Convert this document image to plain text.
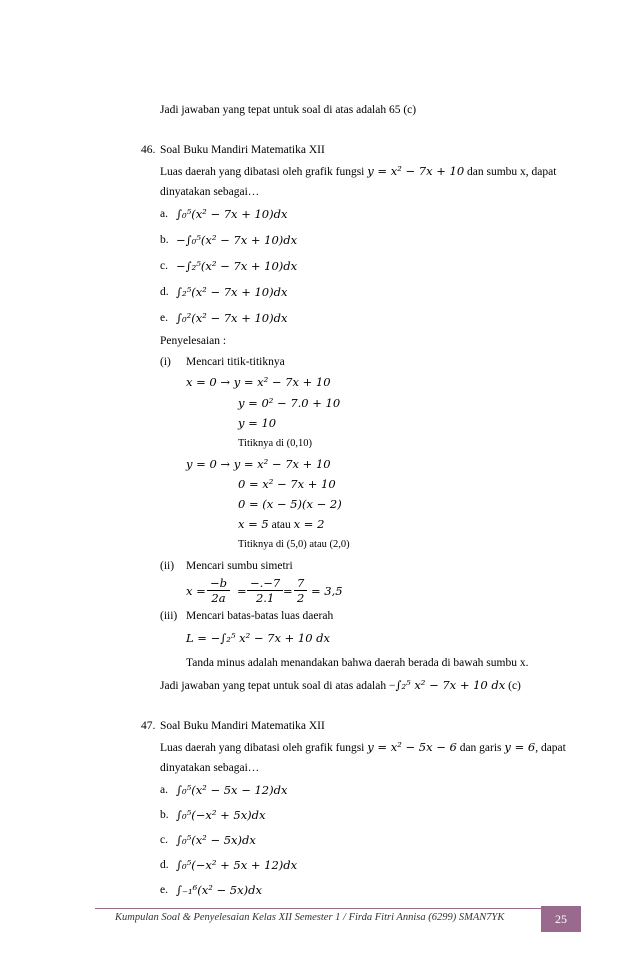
Jadi jawaban yang tepat untuk soal di atas adalah 65 (c)
46. Soal Buku Mandiri Matematika XII
Luas daerah yang dibatasi oleh grafik fungsi y = x² − 7x + 10 dan sumbu x, dapat
dinyatakan sebagai…
a. ∫₀⁵(x² − 7x + 10)dx
b. −∫₀⁵(x² − 7x + 10)dx
c. −∫₂⁵(x² − 7x + 10)dx
d. ∫₂⁵(x² − 7x + 10)dx
e. ∫₀²(x² − 7x + 10)dx
Penyelesaian :
(i) Mencari titik-titiknya
x = 0 → y = x² − 7x + 10
y = 0² − 7.0 + 10
y = 10
Titiknya di (0,10)
y = 0 → y = x² − 7x + 10
0 = x² − 7x + 10
0 = (x − 5)(x − 2)
x = 5 atau x = 2
Titiknya di (5,0) atau (2,0)
(ii) Mencari sumbu simetri
$x = \frac{-b}{2a} = \frac{-.-7}{2.1} = \frac{7}{2} = 3,5$
(iii) Mencari batas-batas luas daerah
L = −∫₂⁵ x² − 7x + 10 dx
Tanda minus adalah menandakan bahwa daerah berada di bawah sumbu x.
Jadi jawaban yang tepat untuk soal di atas adalah −∫₂⁵ x² − 7x + 10 dx (c)
47. Soal Buku Mandiri Matematika XII
Luas daerah yang dibatasi oleh grafik fungsi y = x² − 5x − 6 dan garis y = 6, dapat
dinyatakan sebagai…
a. ∫₀⁵(x² − 5x − 12)dx
b. ∫₀⁵(−x² + 5x)dx
c. ∫₀⁵(x² − 5x)dx
d. ∫₀⁵(−x² + 5x + 12)dx
e. ∫₋₁⁶(x² − 5x)dx
Kumpulan Soal & Penyelesaian Kelas XII Semester 1 / Firda Fitri Annisa (6299) SMAN7YK	25
